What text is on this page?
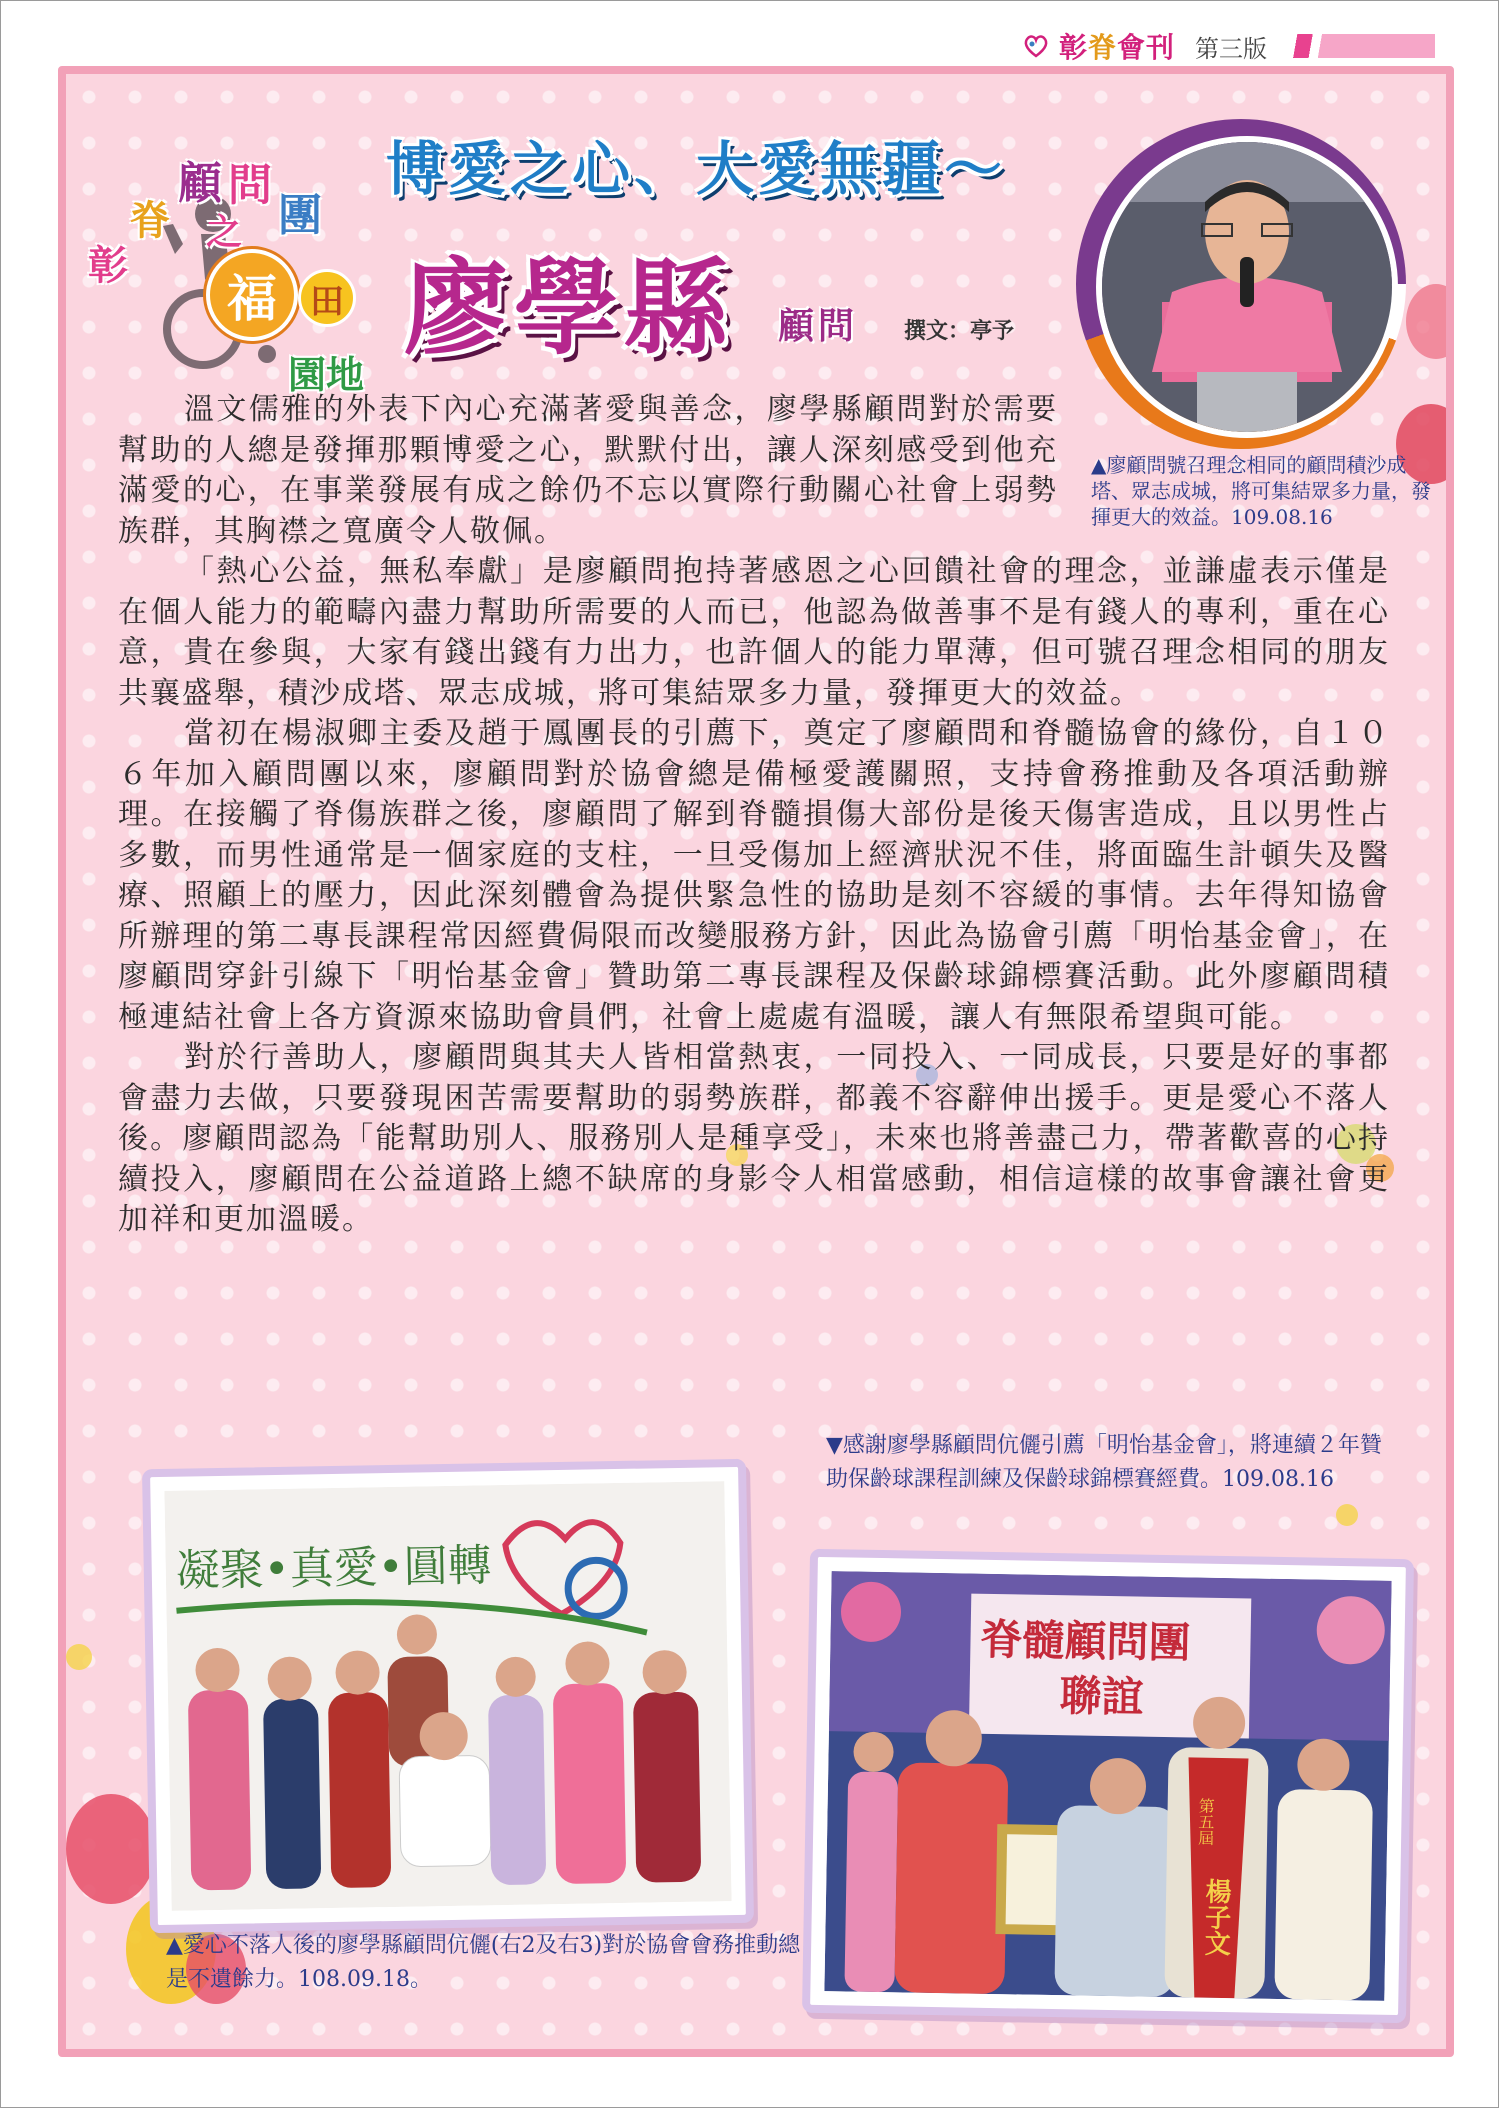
彰脊會刊 第三版
彰
脊
顧 問
團
之
福 田
園地
博愛之心、大愛無疆～
廖學縣 顧問 撰文：亭予
▲廖顧問號召理念相同的顧問積沙成塔、眾志成城，將可集結眾多力量，發揮更大的效益。109.08.16

溫文儒雅的外表下內心充滿著愛與善念，廖學縣顧問對於需要幫助的人總是發揮那顆博愛之心，默默付出，讓人深刻感受到他充滿愛的心，在事業發展有成之餘仍不忘以實際行動關心社會上弱勢族群，其胸襟之寬廣令人敬佩。

「熱心公益，無私奉獻」是廖顧問抱持著感恩之心回饋社會的理念，並謙虛表示僅是在個人能力的範疇內盡力幫助所需要的人而已，他認為做善事不是有錢人的專利，重在心意，貴在參與，大家有錢出錢有力出力，也許個人的能力單薄，但可號召理念相同的朋友共襄盛舉，積沙成塔、眾志成城，將可集結眾多力量，發揮更大的效益。

當初在楊淑卿主委及趙于鳳團長的引薦下，奠定了廖顧問和脊髓協會的緣份，自１０６年加入顧問團以來，廖顧問對於協會總是備極愛護關照，支持會務推動及各項活動辦理。在接觸了脊傷族群之後，廖顧問了解到脊髓損傷大部份是後天傷害造成，且以男性占多數，而男性通常是一個家庭的支柱，一旦受傷加上經濟狀況不佳，將面臨生計頓失及醫療、照顧上的壓力，因此深刻體會為提供緊急性的協助是刻不容緩的事情。去年得知協會所辦理的第二專長課程常因經費侷限而改變服務方針，因此為協會引薦「明怡基金會」，在廖顧問穿針引線下「明怡基金會」贊助第二專長課程及保齡球錦標賽活動。此外廖顧問積極連結社會上各方資源來協助會員們，社會上處處有溫暖，讓人有無限希望與可能。

對於行善助人，廖顧問與其夫人皆相當熱衷，一同投入、一同成長，只要是好的事都會盡力去做，只要發現困苦需要幫助的弱勢族群，都義不容辭伸出援手。更是愛心不落人後。廖顧問認為「能幫助別人、服務別人是種享受」，未來也將善盡己力，帶著歡喜的心持續投入，廖顧問在公益道路上總不缺席的身影令人相當感動，相信這樣的故事會讓社會更加祥和更加溫暖。

▼感謝廖學縣顧問伉儷引薦「明怡基金會」，將連續２年贊助保齡球課程訓練及保齡球錦標賽經費。109.08.16
凝聚•真愛•圓轉
脊髓顧問團
聯誼
第五屆
楊子文
▲愛心不落人後的廖學縣顧問伉儷(右2及右3)對於協會會務推動總是不遺餘力。108.09.18。
